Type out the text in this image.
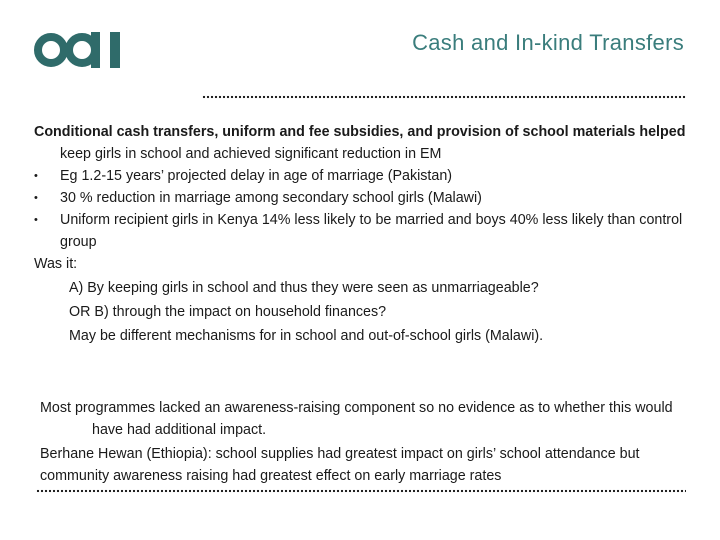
Cash and In-kind Transfers

Conditional cash transfers, uniform and fee subsidies, and provision of school materials helped keep girls in school and achieved significant reduction in EM

• Eg 1.2-15 years’ projected delay in age of marriage (Pakistan)
• 30 % reduction in marriage among secondary school girls (Malawi)
• Uniform recipient girls in Kenya 14% less likely to be married and boys 40% less likely than control group

Was it:

A) By keeping girls in school and thus they were seen as unmarriageable?

OR B) through the impact on household finances?

May be different mechanisms for in school and out-of-school girls (Malawi).

Most programmes lacked an awareness-raising component so no evidence as to whether this would have had additional impact.

Berhane Hewan (Ethiopia): school supplies had greatest impact on girls’ school attendance but community awareness raising had greatest effect on early marriage rates
